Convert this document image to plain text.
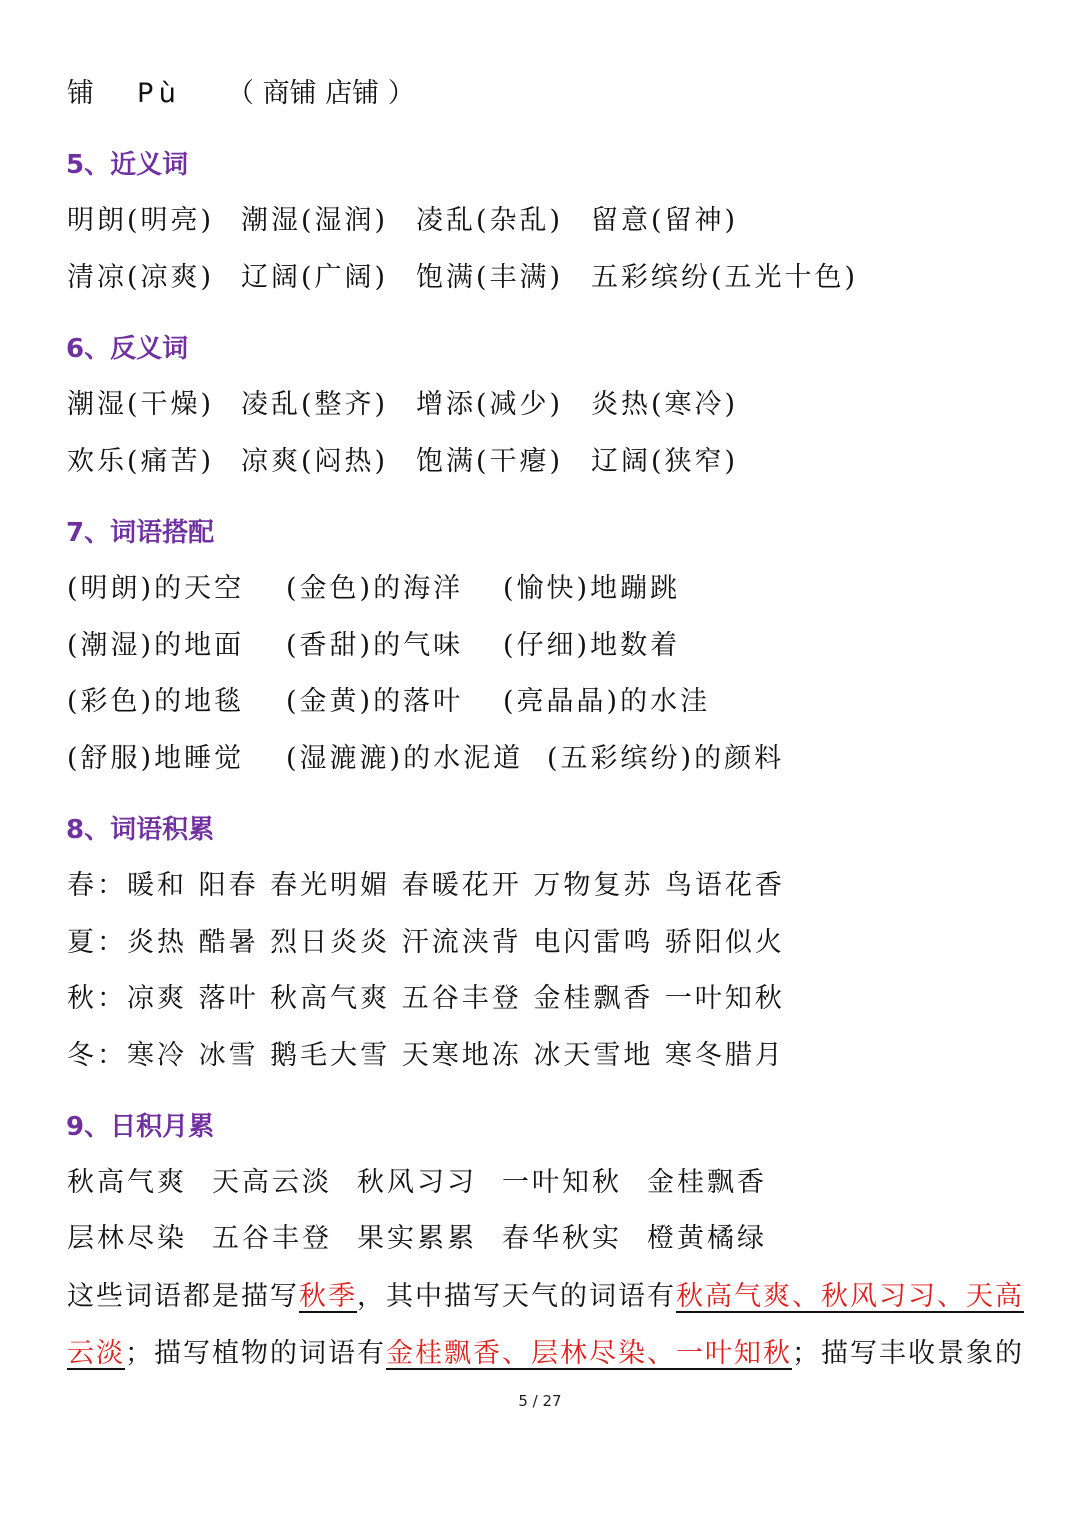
铺 Pù （ 商铺 店铺 ）
5、近义词
明朗(明亮) 潮湿(湿润) 凌乱(杂乱) 留意(留神)
清凉(凉爽) 辽阔(广阔) 饱满(丰满) 五彩缤纷(五光十色)
6、反义词
潮湿(干燥) 凌乱(整齐) 增添(减少) 炎热(寒冷)
欢乐(痛苦) 凉爽(闷热) 饱满(干瘪) 辽阔(狭窄)
7、词语搭配
(明朗)的天空 (金色)的海洋 (愉快)地蹦跳
(潮湿)的地面 (香甜)的气味 (仔细)地数着
(彩色)的地毯 (金黄)的落叶 (亮晶晶)的水洼
(舒服)地睡觉 (湿漉漉)的水泥道 (五彩缤纷)的颜料
8、词语积累
春：暖和 阳春 春光明媚 春暖花开 万物复苏 鸟语花香
夏：炎热 酷暑 烈日炎炎 汗流浃背 电闪雷鸣 骄阳似火
秋：凉爽 落叶 秋高气爽 五谷丰登 金桂飘香 一叶知秋
冬：寒冷 冰雪 鹅毛大雪 天寒地冻 冰天雪地 寒冬腊月
9、日积月累
秋高气爽 天高云淡 秋风习习 一叶知秋 金桂飘香
层林尽染 五谷丰登 果实累累 春华秋实 橙黄橘绿
这些词语都是描写秋季，其中描写天气的词语有秋高气爽、秋风习习、天高
云淡；描写植物的词语有金桂飘香、层林尽染、一叶知秋；描写丰收景象的
5 / 27
